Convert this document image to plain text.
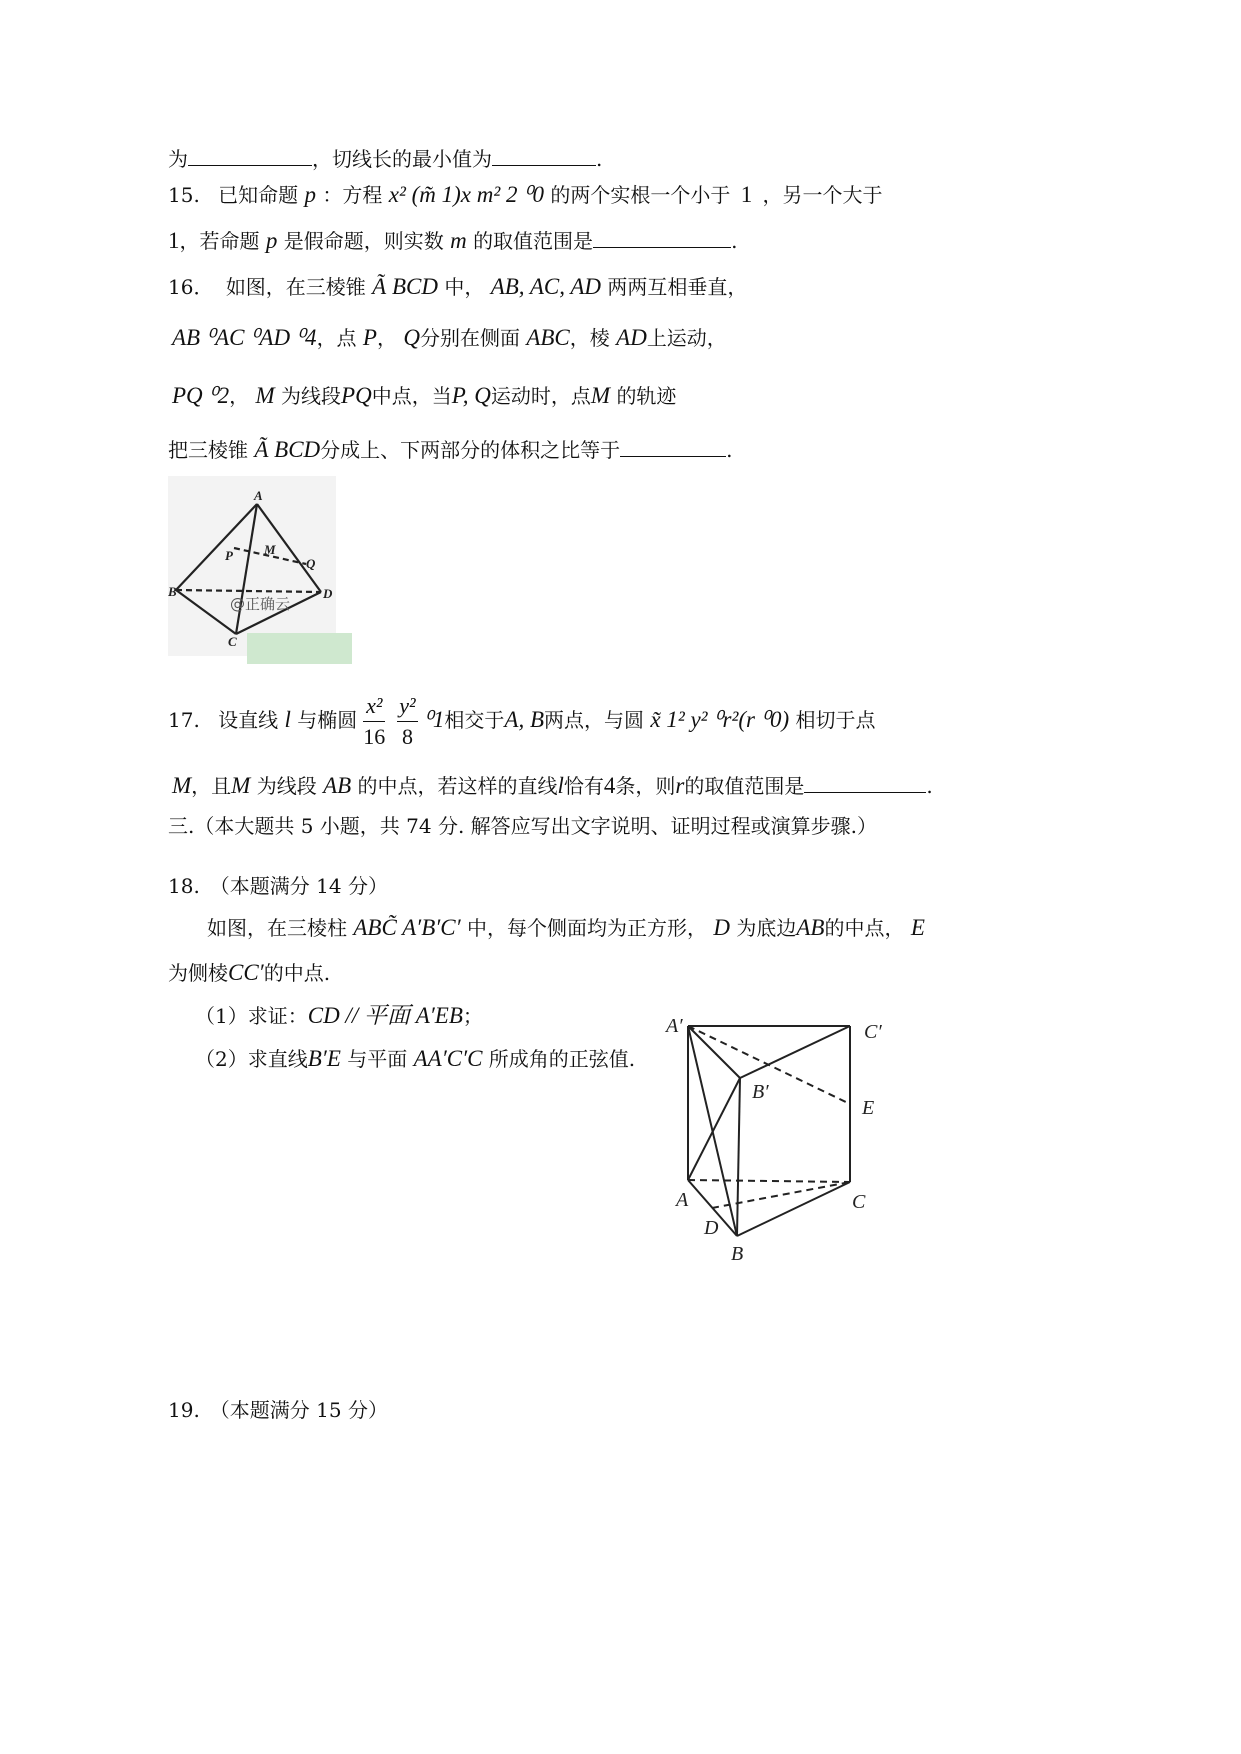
为	，切线长的最小值为	.
15. 已知命题 p ：方程 x² (m̃ 1)x m² 2 ⁰0 的两个实根一个小于 1 ，另一个大于
1，若命题 p 是假命题，则实数 m 的取值范围是	.
16． 如图，在三棱锥 Ã BCD 中， AB, AC, AD 两两互相垂直，
AB ⁰AC ⁰AD ⁰4，点 P， Q分别在侧面 ABC，棱 AD上运动，
PQ ⁰2， M 为线段PQ中点，当P, Q运动时，点M 的轨迹
把三棱锥 Ã BCD分成上、下两部分的体积之比等于	.
A
M
P
Q
B	D
C
@正确云
17. 设直线 l 与椭圆 $\frac{\text{x²}}{16} \frac{\text{y²}}{8} ^01$相交于A, B两点，与圆 x̃ 1² y² ⁰r²(r ⁰0) 相切于点
M，且M 为线段 AB 的中点，若这样的直线l恰有4条，则r的取值范围是	.
三.（本大题共 5 小题，共 74 分. 解答应写出文字说明、证明过程或演算步骤.）
18.　（本题满分 14 分）
如图，在三棱柱 ABC̃ A′B′C′ 中，每个侧面均为正方形， D 为底边AB的中点， E
为侧棱CC′的中点.
（1）求证：CD // 平面 A′EB；
（2）求直线B′E 与平面 AA′C′C 所成角的正弦值.
A′	C′
B′
E
A	C
D
B
19.　（本题满分 15 分）
